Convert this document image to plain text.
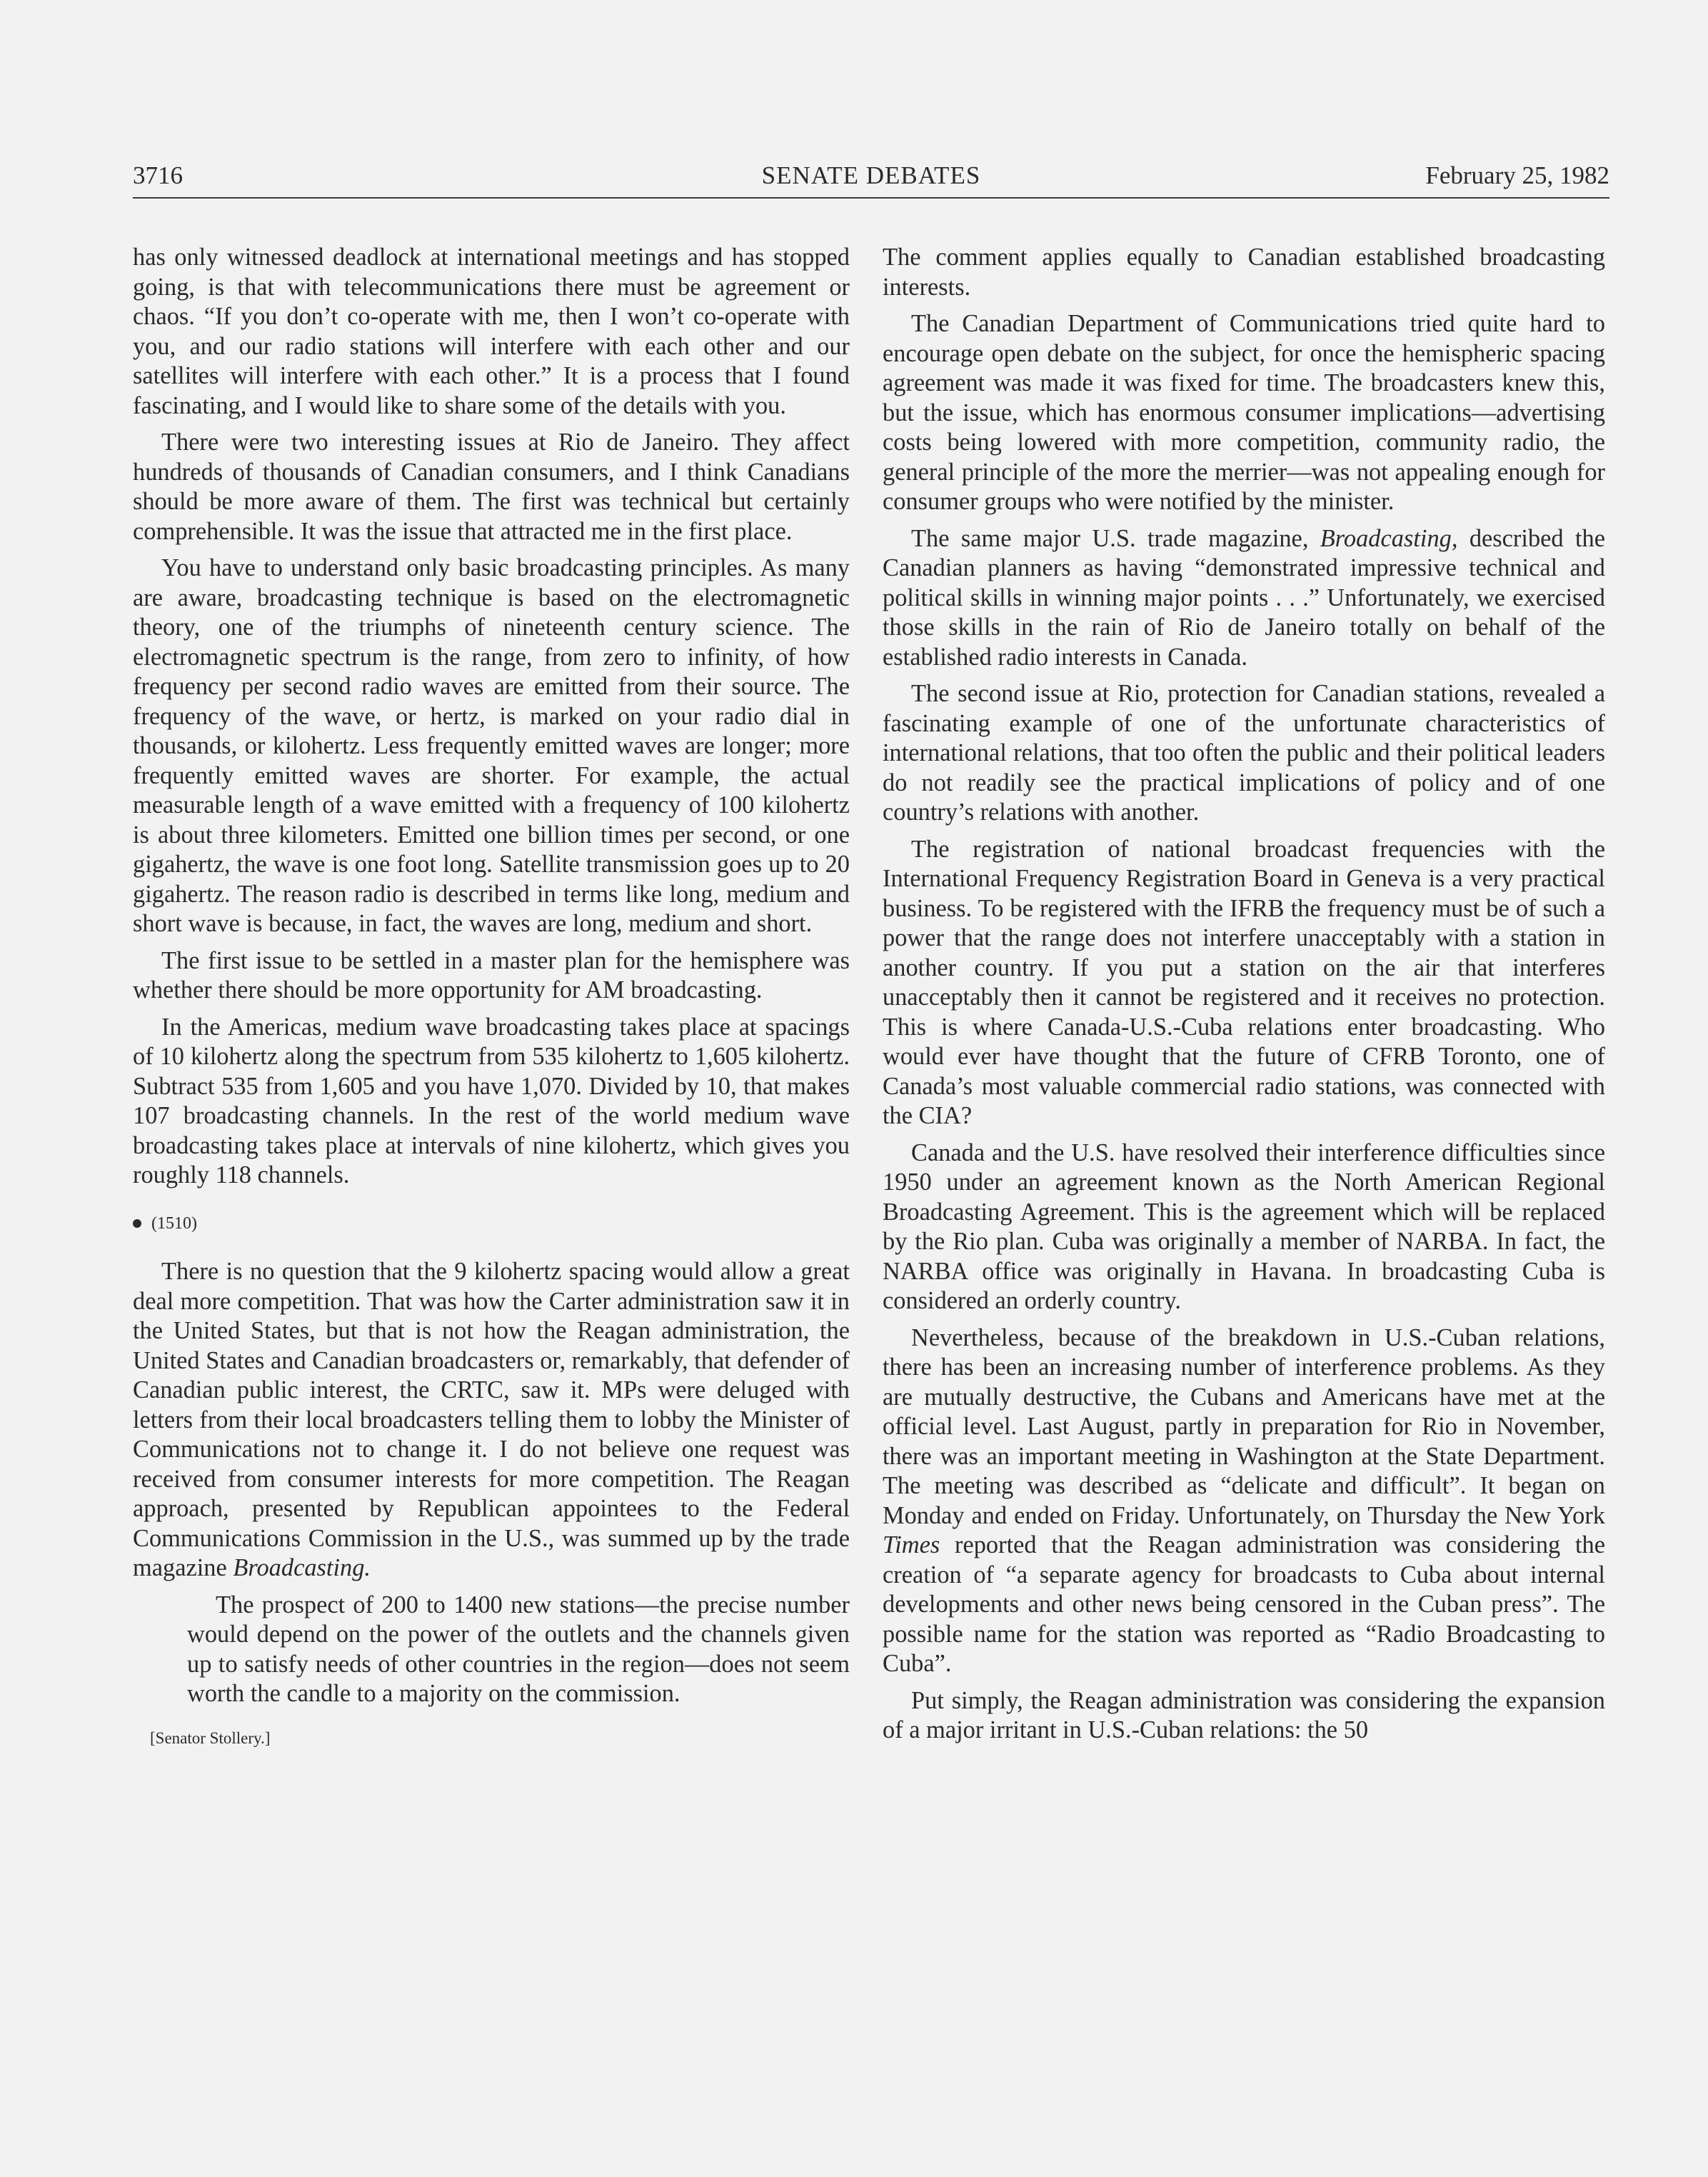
3716	SENATE DEBATES	February 25, 1982

has only witnessed deadlock at international meetings and has stopped going, is that with telecommunications there must be agreement or chaos. “If you don’t co-operate with me, then I won’t co-operate with you, and our radio stations will interfere with each other and our satellites will interfere with each other.” It is a process that I found fascinating, and I would like to share some of the details with you.

There were two interesting issues at Rio de Janeiro. They affect hundreds of thousands of Canadian consumers, and I think Canadians should be more aware of them. The first was technical but certainly comprehensible. It was the issue that attracted me in the first place.

You have to understand only basic broadcasting principles. As many are aware, broadcasting technique is based on the electromagnetic theory, one of the triumphs of nineteenth century science. The electromagnetic spectrum is the range, from zero to infinity, of how frequency per second radio waves are emitted from their source. The frequency of the wave, or hertz, is marked on your radio dial in thousands, or kilohertz. Less frequently emitted waves are longer; more frequently emitted waves are shorter. For example, the actual measurable length of a wave emitted with a frequency of 100 kilohertz is about three kilometers. Emitted one billion times per second, or one gigahertz, the wave is one foot long. Satellite transmission goes up to 20 gigahertz. The reason radio is described in terms like long, medium and short wave is because, in fact, the waves are long, medium and short.

The first issue to be settled in a master plan for the hemisphere was whether there should be more opportunity for AM broadcasting.

In the Americas, medium wave broadcasting takes place at spacings of 10 kilohertz along the spectrum from 535 kilohertz to 1,605 kilohertz. Subtract 535 from 1,605 and you have 1,070. Divided by 10, that makes 107 broadcasting channels. In the rest of the world medium wave broadcasting takes place at intervals of nine kilohertz, which gives you roughly 118 channels.

(1510)

There is no question that the 9 kilohertz spacing would allow a great deal more competition. That was how the Carter administration saw it in the United States, but that is not how the Reagan administration, the United States and Canadian broadcasters or, remarkably, that defender of Canadian public interest, the CRTC, saw it. MPs were deluged with letters from their local broadcasters telling them to lobby the Minister of Communications not to change it. I do not believe one request was received from consumer interests for more competition. The Reagan approach, presented by Republican appointees to the Federal Communications Commission in the U.S., was summed up by the trade magazine Broadcasting.

The prospect of 200 to 1400 new stations—the precise number would depend on the power of the outlets and the channels given up to satisfy needs of other countries in the region—does not seem worth the candle to a majority on the commission.
[Senator Stollery.]

The comment applies equally to Canadian established broadcasting interests.

The Canadian Department of Communications tried quite hard to encourage open debate on the subject, for once the hemispheric spacing agreement was made it was fixed for time. The broadcasters knew this, but the issue, which has enormous consumer implications—advertising costs being lowered with more competition, community radio, the general principle of the more the merrier—was not appealing enough for consumer groups who were notified by the minister.

The same major U.S. trade magazine, Broadcasting, described the Canadian planners as having “demonstrated impressive technical and political skills in winning major points . . .” Unfortunately, we exercised those skills in the rain of Rio de Janeiro totally on behalf of the established radio interests in Canada.

The second issue at Rio, protection for Canadian stations, revealed a fascinating example of one of the unfortunate characteristics of international relations, that too often the public and their political leaders do not readily see the practical implications of policy and of one country’s relations with another.

The registration of national broadcast frequencies with the International Frequency Registration Board in Geneva is a very practical business. To be registered with the IFRB the frequency must be of such a power that the range does not interfere unacceptably with a station in another country. If you put a station on the air that interferes unacceptably then it cannot be registered and it receives no protection. This is where Canada-U.S.-Cuba relations enter broadcasting. Who would ever have thought that the future of CFRB Toronto, one of Canada’s most valuable commercial radio stations, was connected with the CIA?

Canada and the U.S. have resolved their interference difficulties since 1950 under an agreement known as the North American Regional Broadcasting Agreement. This is the agreement which will be replaced by the Rio plan. Cuba was originally a member of NARBA. In fact, the NARBA office was originally in Havana. In broadcasting Cuba is considered an orderly country.

Nevertheless, because of the breakdown in U.S.-Cuban relations, there has been an increasing number of interference problems. As they are mutually destructive, the Cubans and Americans have met at the official level. Last August, partly in preparation for Rio in November, there was an important meeting in Washington at the State Department. The meeting was described as “delicate and difficult”. It began on Monday and ended on Friday. Unfortunately, on Thursday the New York Times reported that the Reagan administration was considering the creation of “a separate agency for broadcasts to Cuba about internal developments and other news being censored in the Cuban press”. The possible name for the station was reported as “Radio Broadcasting to Cuba”.

Put simply, the Reagan administration was considering the expansion of a major irritant in U.S.-Cuban relations: the 50
